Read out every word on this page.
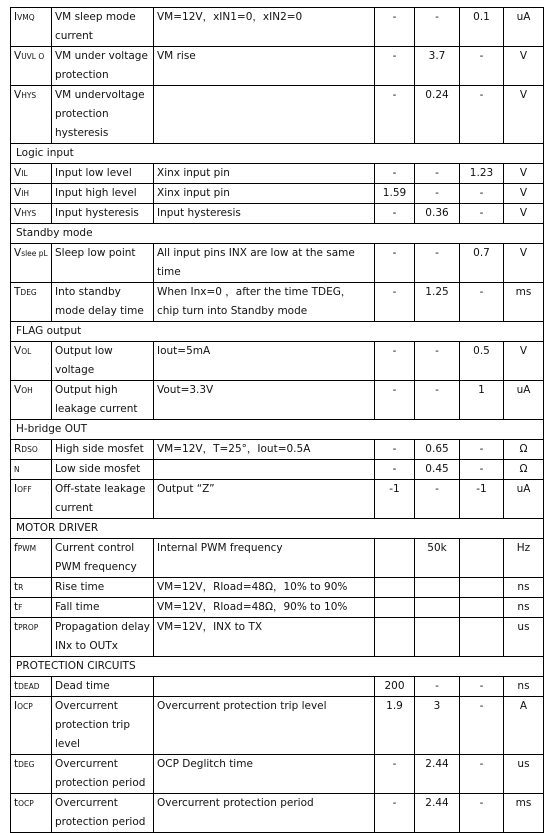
IVMQ	VM sleep mode current	VM=12V，xIN1=0，xIN2=0	-	-	0.1	uA
VUVL O	VM under voltage protection	VM rise	-	3.7	-	V
VHYS	VM undervoltage protection hysteresis		-	0.24	-	V
Logic input						
VIL	Input low level	Xinx input pin	-	-	1.23	V
VIH	Input high level	Xinx input pin	1.59	-	-	V
VHYS	Input hysteresis	Input hysteresis	-	0.36	-	V
Standby mode						
Vslee pL	Sleep low point	All input pins INX are low at the same time	-	-	0.7	V
TDEG	Into standby mode delay time	When Inx=0 ，after the time TDEG，chip turn into Standby mode	-	1.25	-	ms
FLAG output						
VOL	Output low voltage	Iout=5mA	-	-	0.5	V
VOH	Output high leakage current	Vout=3.3V	-	-	1	uA
H-bridge OUT						
RDSO	High side mosfet	VM=12V，T=25°，Iout=0.5A	-	0.65	-	Ω
N	Low side mosfet		-	0.45	-	Ω
IOFF	Off-state leakage current	Output “Z”	-1	-	-1	uA
MOTOR DRIVER						
fPWM	Current control PWM frequency	Internal PWM frequency		50k		Hz
tR	Rise time	VM=12V，Rload=48Ω，10% to 90%				ns
tF	Fall time	VM=12V，Rload=48Ω，90% to 10%				ns
tPROP	Propagation delay INx to OUTx	VM=12V，INX to TX				us
PROTECTION CIRCUITS						
tDEAD	Dead time		200	-	-	ns
IOCP	Overcurrent protection trip level	Overcurrent protection trip level	1.9	3	-	A
tDEG	Overcurrent protection period	OCP Deglitch time	-	2.44	-	us
tOCP	Overcurrent protection period	Overcurrent protection period	-	2.44	-	ms
